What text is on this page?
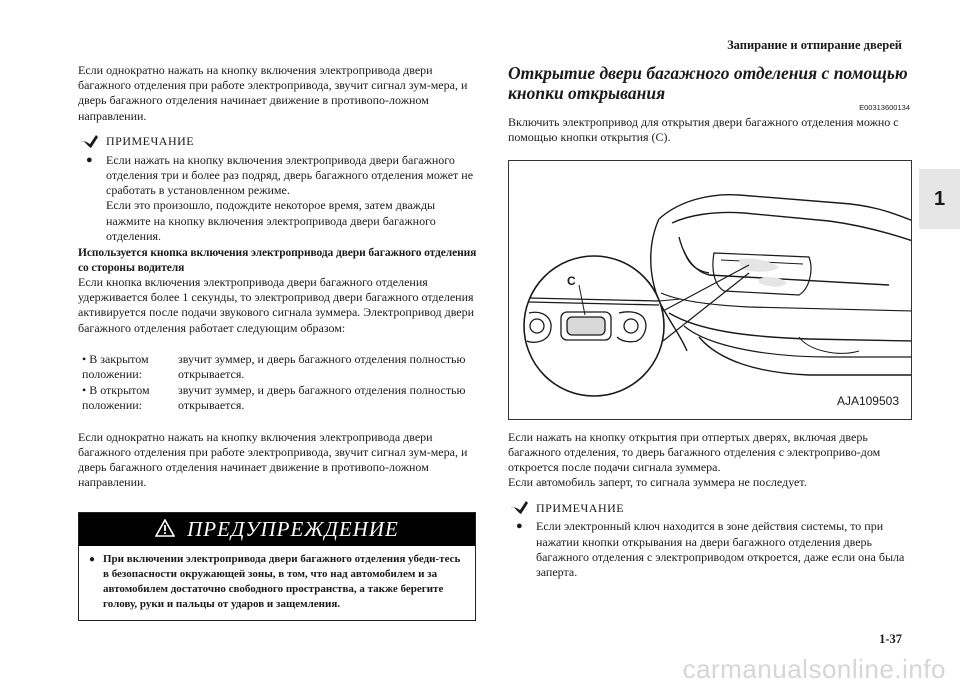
Запирание и отпирание дверей
1
1-37

Если однократно нажать на кнопку включения электропривода двери багажного отделения при работе электропривода, звучит сигнал зум-мера, и дверь багажного отделения начинает движение в противопо-ложном направлении.

ПРИМЕЧАНИЕ
●	Если нажать на кнопку включения электропривода двери багажного отделения три и более раз подряд, дверь багажного отделения может не сработать в установленном режиме.

Если это произошло, подождите некоторое время, затем дважды нажмите на кнопку включения электропривода двери багажного отделения.

Используется кнопка включения электропривода двери багажного отделения со стороны водителя

Если кнопка включения электропривода двери багажного отделения удерживается более 1 секунды, то электропривод двери багажного отделения активируется после подачи звукового сигнала зуммера. Электропривод двери багажного отделения работает следующим образом:

• В закрытом положении:	звучит зуммер, и дверь багажного отделения полностью открывается.
• В открытом положении:	звучит зуммер, и дверь багажного отделения полностью открывается.

Если однократно нажать на кнопку включения электропривода двери багажного отделения при работе электропривода, звучит сигнал зум-мера, и дверь багажного отделения начинает движение в противопо-ложном направлении.

ПРЕДУПРЕЖДЕНИЕ
● При включении электропривода двери багажного отделения убеди-тесь в безопасности окружающей зоны, в том, что над автомобилем и за автомобилем достаточно свободного пространства, а также берегите голову, руки и пальцы от ударов и защемления.

Открытие двери багажного отделения с помощью
кнопки открывания
E00313600134

Включить электропривод для открытия двери багажного отделения можно с помощью кнопки открытия (C).

C
AJA109503

Если нажать на кнопку открытия при отпертых дверях, включая дверь багажного отделения, то дверь багажного отделения с электроприво-дом откроется после подачи сигнала зуммера.

Если автомобиль заперт, то сигнала зуммера не последует.

ПРИМЕЧАНИЕ
●	Если электронный ключ находится в зоне действия системы, то при нажатии кнопки открывания на двери багажного отделения дверь багажного отделения с электроприводом откроется, даже если она была заперта.

carmanualsonline.info
